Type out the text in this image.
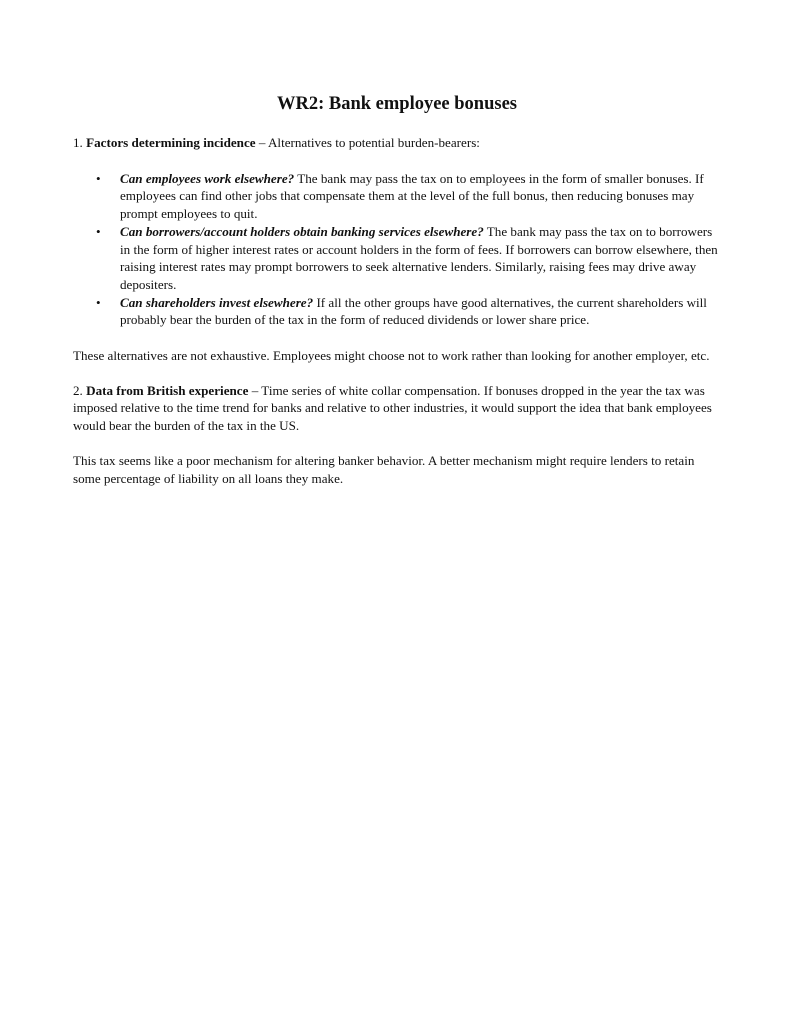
WR2: Bank employee bonuses

1. Factors determining incidence – Alternatives to potential burden-bearers:

• Can employees work elsewhere? The bank may pass the tax on to employees in the form of smaller bonuses. If employees can find other jobs that compensate them at the level of the full bonus, then reducing bonuses may prompt employees to quit.
• Can borrowers/account holders obtain banking services elsewhere? The bank may pass the tax on to borrowers in the form of higher interest rates or account holders in the form of fees. If borrowers can borrow elsewhere, then raising interest rates may prompt borrowers to seek alternative lenders. Similarly, raising fees may drive away depositers.
• Can shareholders invest elsewhere? If all the other groups have good alternatives, the current shareholders will probably bear the burden of the tax in the form of reduced dividends or lower share price.

These alternatives are not exhaustive. Employees might choose not to work rather than looking for another employer, etc.

2. Data from British experience – Time series of white collar compensation. If bonuses dropped in the year the tax was imposed relative to the time trend for banks and relative to other industries, it would support the idea that bank employees would bear the burden of the tax in the US.

This tax seems like a poor mechanism for altering banker behavior. A better mechanism might require lenders to retain some percentage of liability on all loans they make.
